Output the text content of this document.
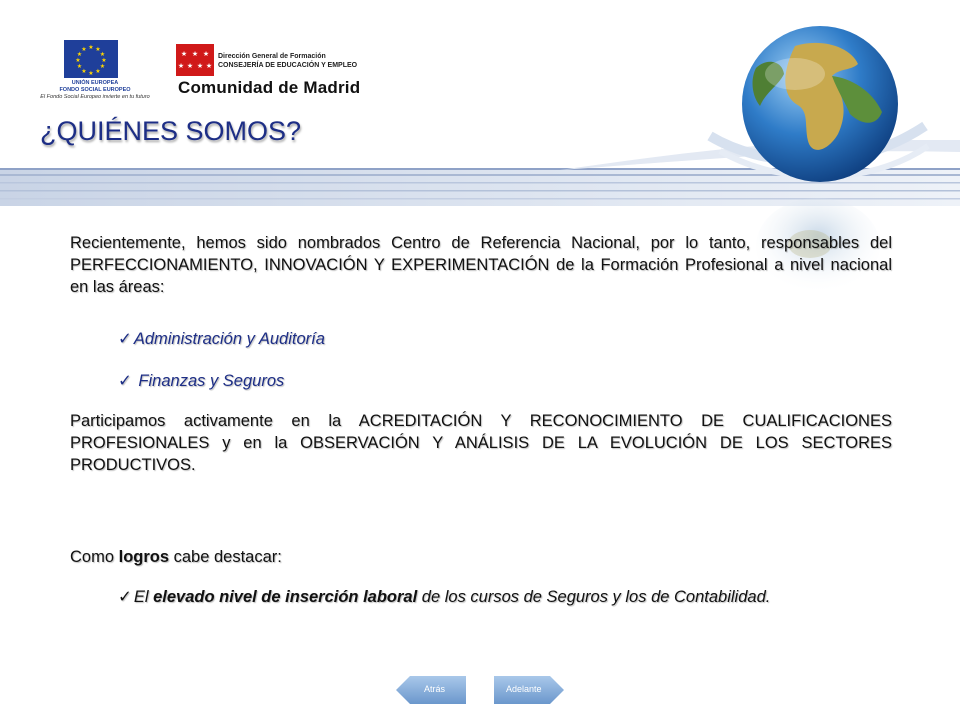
★ ★
★
★
★
★
★
★
★
★
★
★
UNIÓN EUROPEA
FONDO SOCIAL EUROPEO
El Fondo Social Europeo invierte en tu futuro
★ ★ ★
★ ★ ★ ★
Dirección General de Formación
CONSEJERÍA DE EDUCACIÓN Y EMPLEO
Comunidad de Madrid
¿QUIÉNES SOMOS?

Recientemente, hemos sido nombrados Centro de Referencia Nacional, por lo tanto, responsables del PERFECCIONAMIENTO, INNOVACIÓN Y EXPERIMENTACIÓN de la Formación Profesional a nivel nacional en las áreas:

✓ Administración y Auditoría
✓ Finanzas y Seguros

Participamos activamente en la ACREDITACIÓN Y RECONOCIMIENTO DE CUALIFICACIONES PROFESIONALES y en la OBSERVACIÓN Y ANÁLISIS DE LA EVOLUCIÓN DE LOS SECTORES PRODUCTIVOS.

Como logros cabe destacar:

✓ El elevado nivel de inserción laboral de los cursos de Seguros y los de Contabilidad.

Atrás	Adelante
